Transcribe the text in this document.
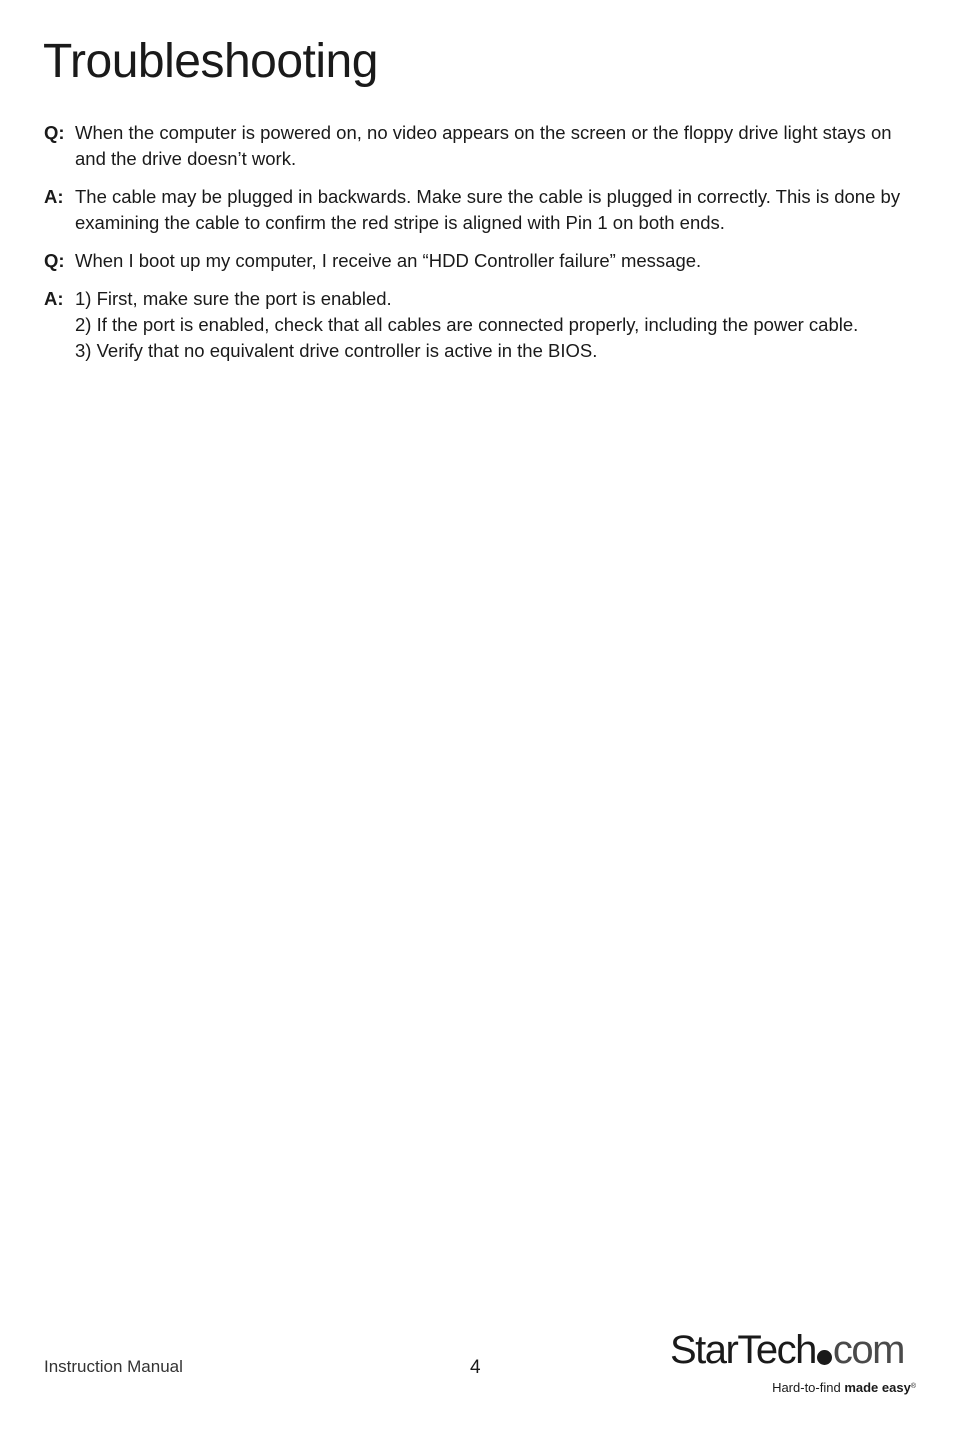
Troubleshooting
Q: When the computer is powered on, no video appears on the screen or the floppy drive light stays on and the drive doesn’t work.
A: The cable may be plugged in backwards. Make sure the cable is plugged in correctly. This is done by examining the cable to confirm the red stripe is aligned with Pin 1 on both ends.
Q: When I boot up my computer, I receive an “HDD Controller failure” message.
A: 1) First, make sure the port is enabled.
2) If the port is enabled, check that all cables are connected properly, including the power cable.
3) Verify that no equivalent drive controller is active in the BIOS.
Instruction Manual	4	StarTech com
Hard-to-find made easy®
